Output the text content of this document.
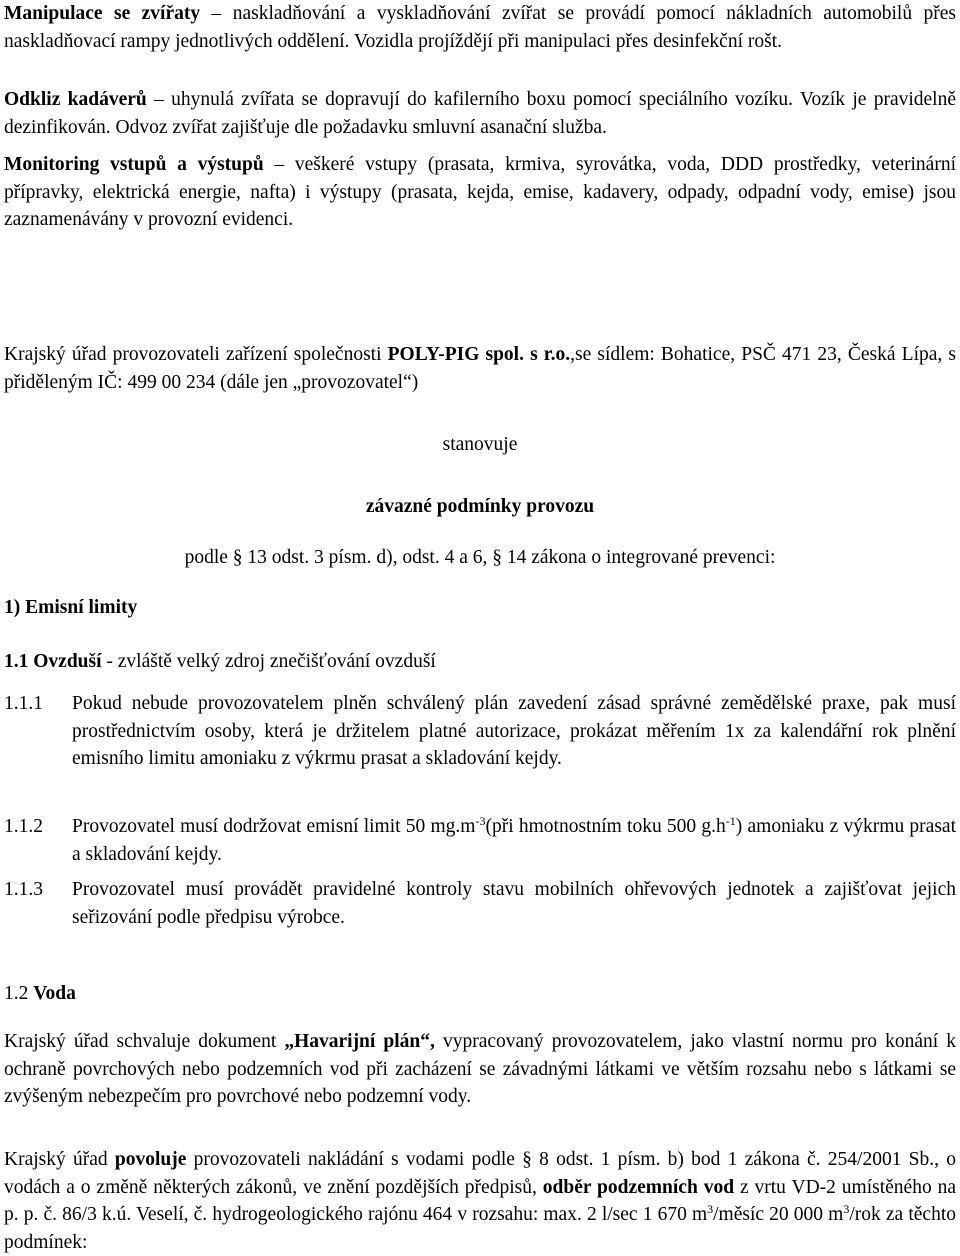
Manipulace se zvířaty – naskladňování a vyskladňování zvířat se provádí pomocí nákladních automobilů přes naskladňovací rampy jednotlivých oddělení. Vozidla projíždějí při manipulaci přes desinfekční rošt.
Odkliz kadáverů – uhynulá zvířata se dopravují do kafilerního boxu pomocí speciálního vozíku. Vozík je pravidelně dezinfikován. Odvoz zvířat zajišťuje dle požadavku smluvní asanační služba.
Monitoring vstupů a výstupů – veškeré vstupy (prasata, krmiva, syrovátka, voda, DDD prostředky, veterinární přípravky, elektrická energie, nafta) i výstupy (prasata, kejda, emise, kadavery, odpady, odpadní vody, emise) jsou zaznamenávány v provozní evidenci.
Krajský úřad provozovateli zařízení společnosti POLY-PIG spol. s r.o.,se sídlem: Bohatice, PSČ 471 23, Česká Lípa, s přiděleným IČ: 499 00 234 (dále jen „provozovatel“)
stanovuje
závazné podmínky provozu
podle § 13 odst. 3 písm. d), odst. 4 a 6, § 14 zákona o integrované prevenci:
1) Emisní limity
1.1 Ovzduší - zvláště velký zdroj znečišťování ovzduší
1.1.1	Pokud nebude provozovatelem plněn schválený plán zavedení zásad správné zemědělské praxe, pak musí prostřednictvím osoby, která je držitelem platné autorizace, prokázat měřením 1x za kalendářní rok plnění emisního limitu amoniaku z výkrmu prasat a skladování kejdy.
1.1.2	Provozovatel musí dodržovat emisní limit 50 $mg.m^{-3}(při$ hmotnostním toku 500 $g.h^{-1}$) amoniaku z výkrmu prasat a skladování kejdy.
1.1.3	Provozovatel musí provádět pravidelné kontroly stavu mobilních ohřevových jednotek a zajišťovat jejich seřizování podle předpisu výrobce.
1.2 Voda
Krajský úřad schvaluje dokument „Havarijní plán“, vypracovaný provozovatelem, jako vlastní normu pro konání k ochraně povrchových nebo podzemních vod při zacházení se závadnými látkami ve větším rozsahu nebo s látkami se zvýšeným nebezpečím pro povrchové nebo podzemní vody.
Krajský úřad povoluje provozovateli nakládání s vodami podle § 8 odst. 1 písm. b) bod 1 zákona č. 254/2001 Sb., o vodách a o změně některých zákonů, ve znění pozdějších předpisů, odběr podzemních vod z vrtu VD-2 umístěného na p. p. č. 86/3 k.ú. Veselí, č. hydrogeologického rajónu 464 v rozsahu: max. 2 l/sec 1 670 $m^3$/měsíc 20 000 $m^3$/rok za těchto podmínek:
